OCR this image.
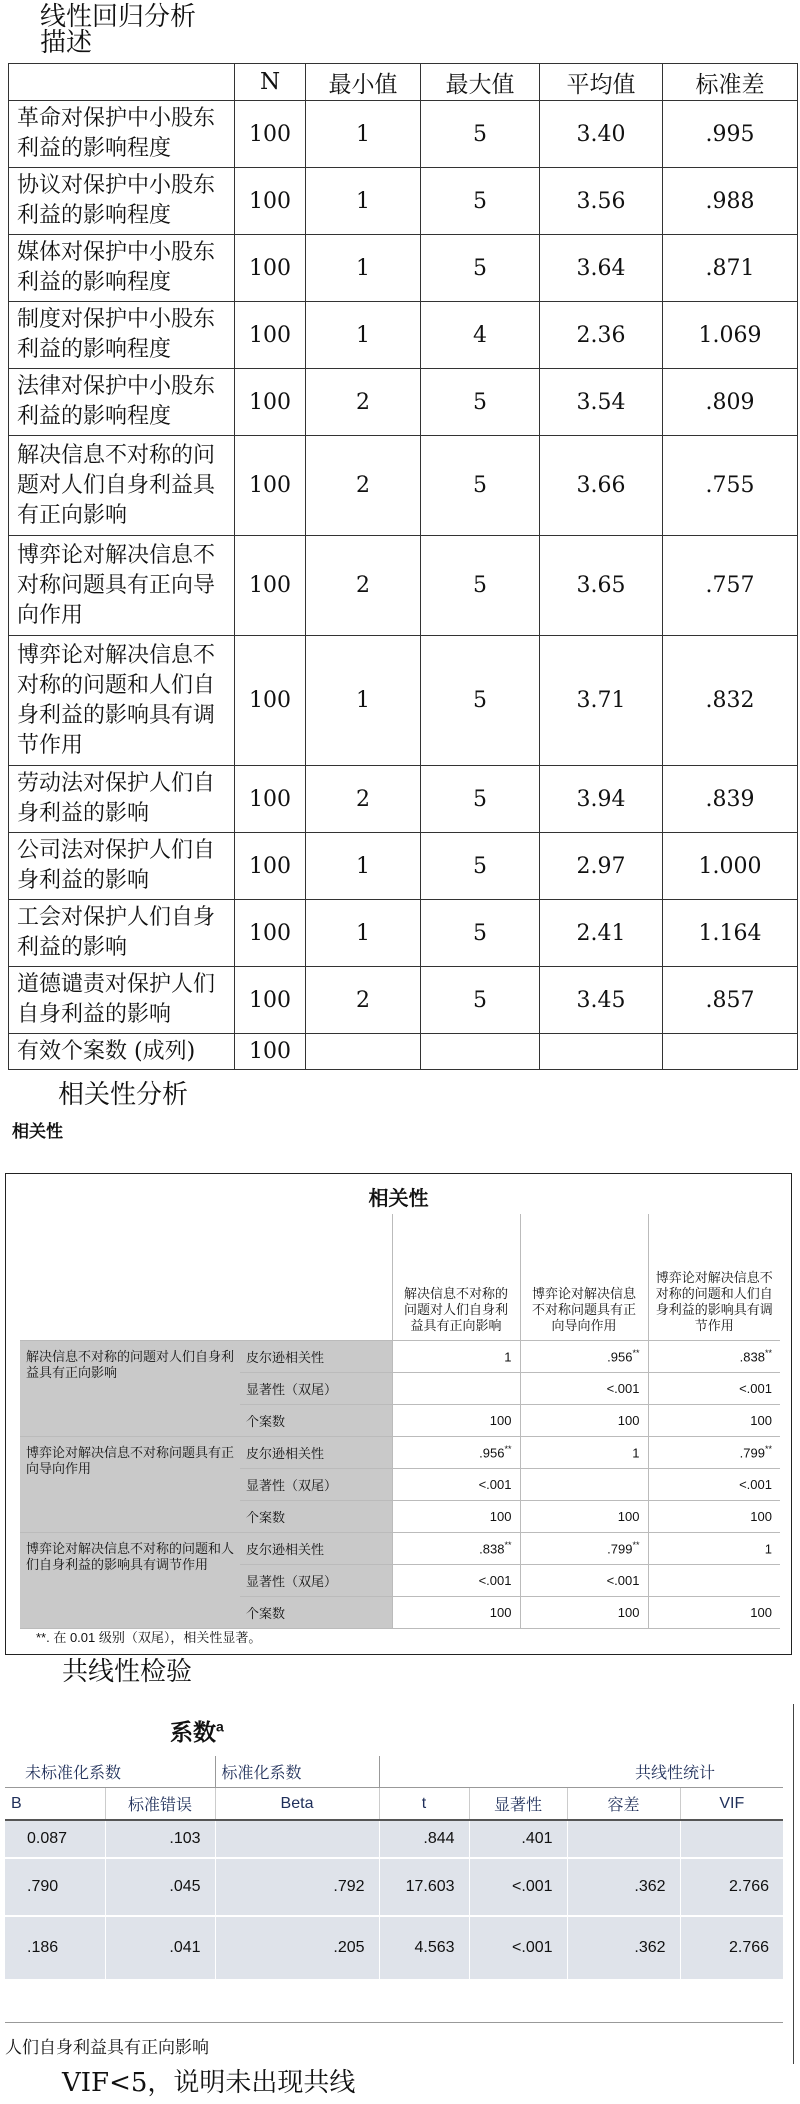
线性回归分析
描述
	N	最小值	最大值	平均值	标准差
革命对保护中小股东利益的影响程度	100	1	5	3.40	.995
协议对保护中小股东利益的影响程度	100	1	5	3.56	.988
媒体对保护中小股东利益的影响程度	100	1	5	3.64	.871
制度对保护中小股东利益的影响程度	100	1	4	2.36	1.069
法律对保护中小股东利益的影响程度	100	2	5	3.54	.809
解决信息不对称的问题对人们自身利益具有正向影响	100	2	5	3.66	.755
博弈论对解决信息不对称问题具有正向导向作用	100	2	5	3.65	.757
博弈论对解决信息不对称的问题和人们自身利益的影响具有调节作用	100	1	5	3.71	.832
劳动法对保护人们自身利益的影响	100	2	5	3.94	.839
公司法对保护人们自身利益的影响	100	1	5	2.97	1.000
工会对保护人们自身利益的影响	100	1	5	2.41	1.164
道德谴责对保护人们自身利益的影响	100	2	5	3.45	.857
有效个案数 (成列)	100				
相关性分析
相关性
相关性
		解决信息不对称的问题对人们自身利益具有正向影响	博弈论对解决信息不对称问题具有正向导向作用	博弈论对解决信息不对称的问题和人们自身利益的影响具有调节作用
解决信息不对称的问题对人们自身利益具有正向影响	皮尔逊相关性	1	.956**	.838**
	显著性（双尾）		<.001	<.001
	个案数	100	100	100
博弈论对解决信息不对称问题具有正向导向作用	皮尔逊相关性	.956**	1	.799**
	显著性（双尾）	<.001		<.001
	个案数	100	100	100
博弈论对解决信息不对称的问题和人们自身利益的影响具有调节作用	皮尔逊相关性	.838**	.799**	1
	显著性（双尾）	<.001	<.001	
	个案数	100	100	100
**. 在 0.01 级别（双尾），相关性显著。
共线性检验
系数$^a$
未标准化系数		标准化系数			共线性统计	
B	标准错误	Beta	t	显著性	容差	VIF
0.087	.103		.844	.401		
.790	.045	.792	17.603	<.001	.362	2.766
.186	.041	.205	4.563	<.001	.362	2.766
人们自身利益具有正向影响
VIF<5，说明未出现共线
